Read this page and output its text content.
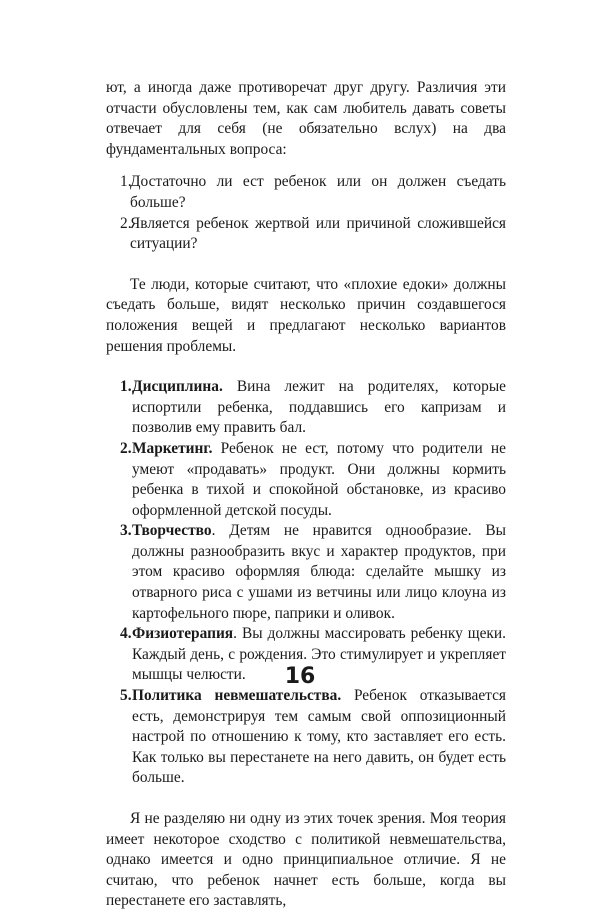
ют, а иногда даже противоречат друг другу. Различия эти отчасти обусловлены тем, как сам любитель давать советы отвечает для себя (не обязательно вслух) на два фундаментальных вопроса:

1.
Достаточно ли ест ребенок или он должен съедать больше?
2.
Является ребенок жертвой или причиной сложившейся ситуации?

Те люди, которые считают, что «плохие едоки» должны съедать больше, видят несколько причин создавшегося положения вещей и предлагают несколько вариантов решения проблемы.

1. Дисциплина. Вина лежит на родителях, которые испортили ребенка, поддавшись его капризам и позволив ему править бал.
2. Маркетинг. Ребенок не ест, потому что родители не умеют «продавать» продукт. Они должны кормить ребенка в тихой и спокойной обстановке, из красиво оформленной детской посуды.
3. Творчество. Детям не нравится однообразие. Вы должны разнообразить вкус и характер продуктов, при этом красиво оформляя блюда: сделайте мышку из отварного риса с ушами из ветчины или лицо клоуна из картофельного пюре, паприки и оливок.
4. Физиотерапия. Вы должны массировать ребенку щеки. Каждый день, с рождения. Это стимулирует и укрепляет мышцы челюсти.
5. Политика невмешательства. Ребенок отказывается есть, демонстрируя тем самым свой оппозиционный настрой по отношению к тому, кто заставляет его есть. Как только вы перестанете на него давить, он будет есть больше.

Я не разделяю ни одну из этих точек зрения. Моя теория имеет некоторое сходство с политикой невмешательства, однако имеется и одно принципиальное отличие. Я не считаю, что ребенок начнет есть больше, когда вы перестанете его заставлять,

16
